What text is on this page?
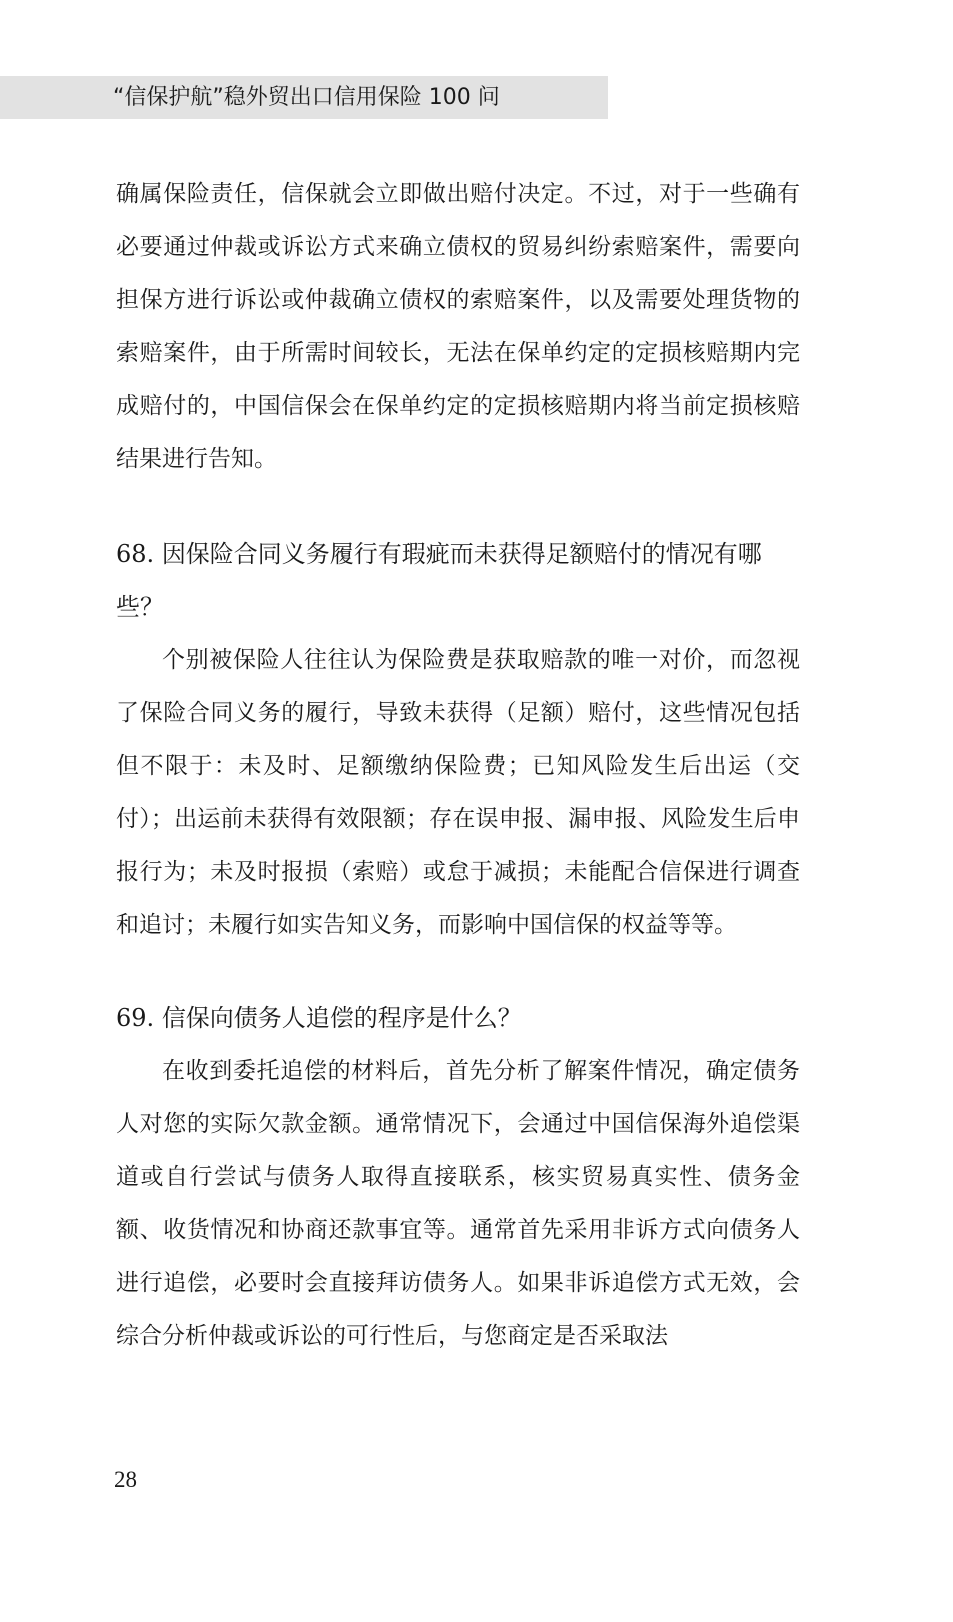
“信保护航”稳外贸出口信用保险 100 问

确属保险责任，信保就会立即做出赔付决定。不过，对于一些确有必要通过仲裁或诉讼方式来确立债权的贸易纠纷索赔案件，需要向担保方进行诉讼或仲裁确立债权的索赔案件，以及需要处理货物的索赔案件，由于所需时间较长，无法在保单约定的定损核赔期内完成赔付的，中国信保会在保单约定的定损核赔期内将当前定损核赔结果进行告知。

68. 因保险合同义务履行有瑕疵而未获得足额赔付的情况有哪些？

个别被保险人往往认为保险费是获取赔款的唯一对价，而忽视了保险合同义务的履行，导致未获得（足额）赔付，这些情况包括但不限于：未及时、足额缴纳保险费；已知风险发生后出运（交付）；出运前未获得有效限额；存在误申报、漏申报、风险发生后申报行为；未及时报损（索赔）或怠于减损；未能配合信保进行调查和追讨；未履行如实告知义务，而影响中国信保的权益等等。

69. 信保向债务人追偿的程序是什么？

在收到委托追偿的材料后，首先分析了解案件情况，确定债务人对您的实际欠款金额。通常情况下，会通过中国信保海外追偿渠道或自行尝试与债务人取得直接联系，核实贸易真实性、债务金额、收货情况和协商还款事宜等。通常首先采用非诉方式向债务人进行追偿，必要时会直接拜访债务人。如果非诉追偿方式无效，会综合分析仲裁或诉讼的可行性后，与您商定是否采取法

28
